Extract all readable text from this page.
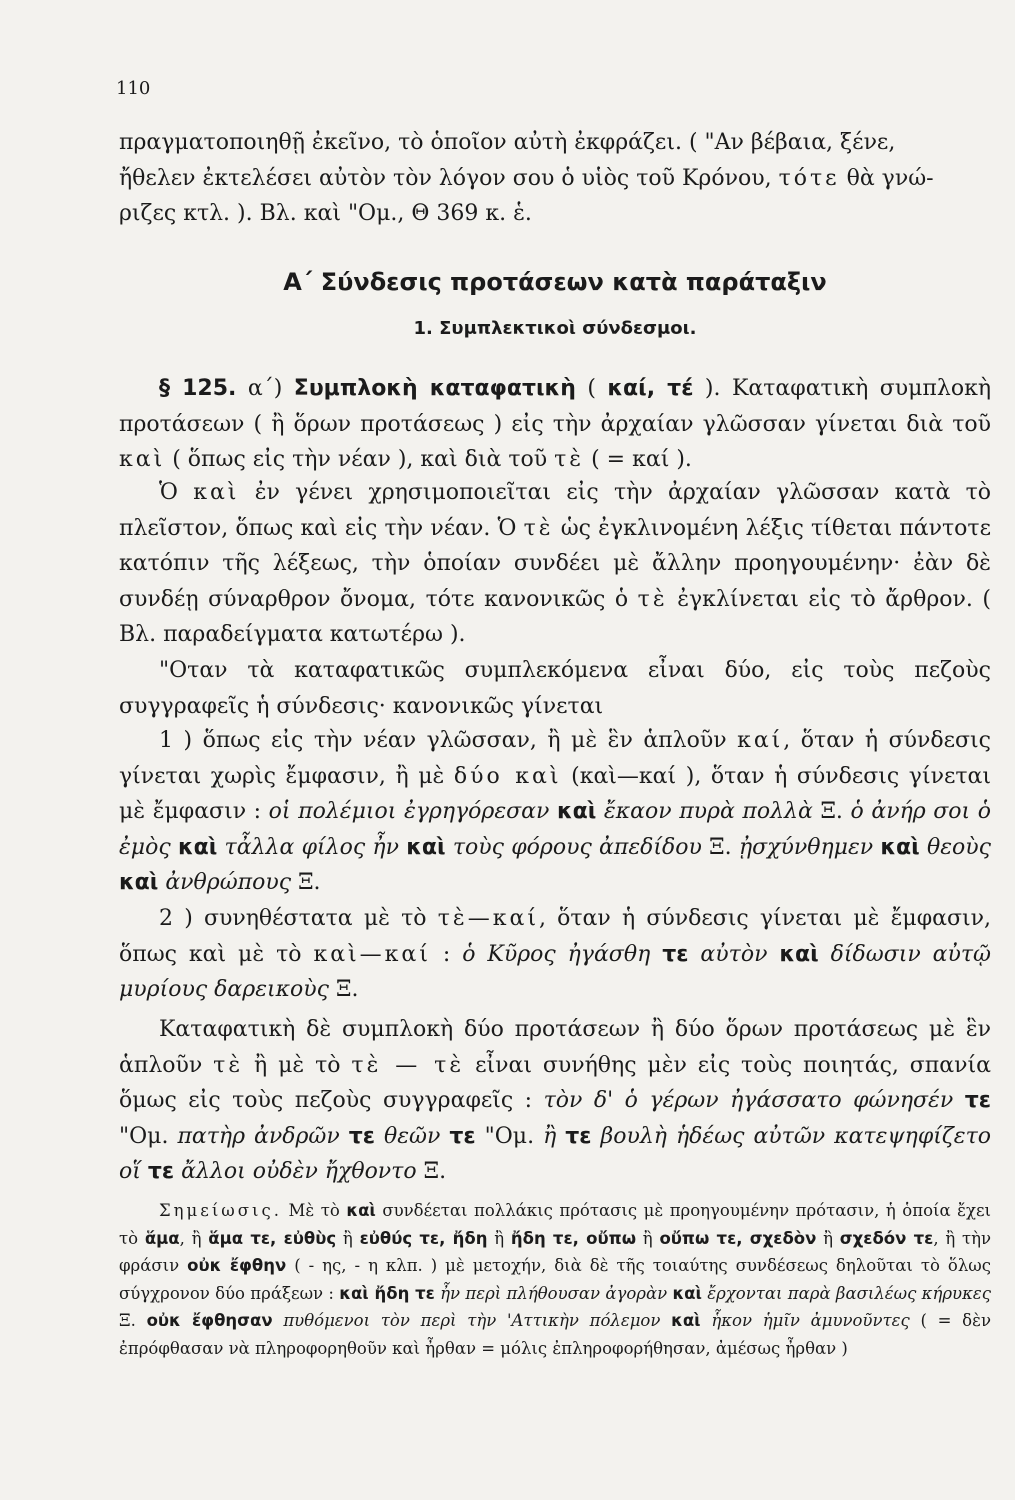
110
πραγματοποιηθῇ ἐκεῖνο, τὸ ὁποῖον αὐτὴ ἐκφράζει. ( "Αν βέβαια, ξένε,
ἤθελεν ἐκτελέσει αὐτὸν τὸν λόγον σου ὁ υἱὸς τοῦ Κρόνου, τότε θὰ γνώ-
ριζες κτλ. ). Βλ. καὶ "Ομ., Θ 369 κ. ἑ.
Α΄ Σύνδεσις προτάσεων κατὰ παράταξιν
1. Συμπλεκτικοὶ σύνδεσμοι.
§ 125. α΄) Συμπλοκὴ καταφατικὴ ( καί, τέ ). Καταφατικὴ συμπλοκὴ προτάσεων ( ἢ ὅρων προτάσεως ) εἰς τὴν ἀρχαίαν γλῶσσαν γίνεται διὰ τοῦ καὶ ( ὅπως εἰς τὴν νέαν ), καὶ διὰ τοῦ τὲ ( = καί ).
Ὁ καὶ ἐν γένει χρησιμοποιεῖται εἰς τὴν ἀρχαίαν γλῶσσαν κατὰ τὸ πλεῖστον, ὅπως καὶ εἰς τὴν νέαν. Ὁ τὲ ὡς ἐγκλινομένη λέξις τίθεται πάντοτε κατόπιν τῆς λέξεως, τὴν ὁποίαν συνδέει μὲ ἄλλην προηγουμένην· ἐὰν δὲ συνδέῃ σύναρθρον ὄνομα, τότε κανονικῶς ὁ τὲ ἐγκλίνεται εἰς τὸ ἄρθρον. ( Βλ. παραδείγματα κατωτέρω ).
"Οταν τὰ καταφατικῶς συμπλεκόμενα εἶναι δύο, εἰς τοὺς πεζοὺς συγγραφεῖς ἡ σύνδεσις· κανονικῶς γίνεται
1 ) ὅπως εἰς τὴν νέαν γλῶσσαν, ἢ μὲ ἓν ἁπλοῦν καί, ὅταν ἡ σύνδεσις γίνεται χωρὶς ἔμφασιν, ἢ μὲ δύο καὶ (καὶ—καί ), ὅταν ἡ σύνδεσις γίνεται μὲ ἔμφασιν : οἱ πολέμιοι ἐγρηγόρεσαν καὶ ἔκαον πυρὰ πολλὰ Ξ. ὁ ἀνήρ σοι ὁ ἐμὸς καὶ τἆλλα φίλος ἦν καὶ τοὺς φόρους ἀπεδίδου Ξ. ᾐσχύνθημεν καὶ θεοὺς καὶ ἀνθρώπους Ξ.
2 ) συνηθέστατα μὲ τὸ τὲ—καί, ὅταν ἡ σύνδεσις γίνεται μὲ ἔμφασιν, ὅπως καὶ μὲ τὸ καὶ—καί : ὁ Κῦρος ἠγάσθη τε αὐτὸν καὶ δίδωσιν αὐτῷ μυρίους δαρεικοὺς Ξ.
Καταφατικὴ δὲ συμπλοκὴ δύο προτάσεων ἢ δύο ὅρων προτάσεως μὲ ἓν ἁπλοῦν τὲ ἢ μὲ τὸ τὲ — τὲ εἶναι συνήθης μὲν εἰς τοὺς ποιητάς, σπανία ὅμως εἰς τοὺς πεζοὺς συγγραφεῖς : τὸν δ' ὁ γέρων ἠγάσσατο φώνησέν τε "Ομ. πατὴρ ἀνδρῶν τε θεῶν τε "Ομ. ἢ τε βουλὴ ἡδέως αὐτῶν κατεψηφίζετο οἵ τε ἄλλοι οὐδὲν ἤχθοντο Ξ.
Σημείωσις. Μὲ τὸ καὶ συνδέεται πολλάκις πρότασις μὲ προηγουμένην πρότασιν, ἡ ὁποία ἔχει τὸ ἅμα, ἢ ἅμα τε, εὐθὺς ἢ εὐθύς τε, ἤδη ἢ ἤδη τε, οὔπω ἢ οὔπω τε, σχεδὸν ἢ σχεδόν τε, ἢ τὴν φράσιν οὐκ ἔφθην ( - ης, - η κλπ. ) μὲ μετοχήν, διὰ δὲ τῆς τοιαύτης συνδέσεως δηλοῦται τὸ ὅλως σύγχρονον δύο πράξεων : καὶ ἤδη τε ἦν περὶ πλήθουσαν ἀγορὰν καὶ ἔρχονται παρὰ βασιλέως κήρυκες Ξ. οὐκ ἔφθησαν πυθόμενοι τὸν περὶ τὴν 'Αττικὴν πόλεμον καὶ ἧκον ἡμῖν ἀμυνοῦντες ( = δὲν ἐπρόφθασαν νὰ πληροφορηθοῦν καὶ ἦρθαν = μόλις ἐπληροφορήθησαν, ἀμέσως ἦρθαν )
